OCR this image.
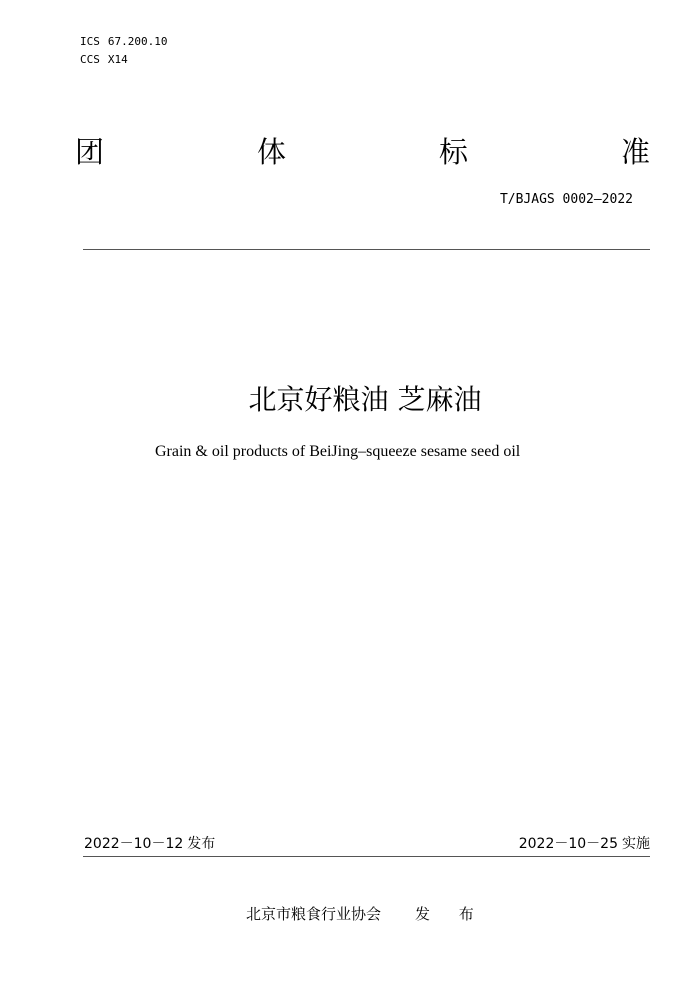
ICS 67.200.10
CCS X14
团	体	标	准
T/BJAGS 0002—2022
北京好粮油 芝麻油
Grain & oil products of BeiJing–squeeze sesame seed oil
2022－10－12 发布	2022－10－25 实施
北京市粮食行业协会 发 布
